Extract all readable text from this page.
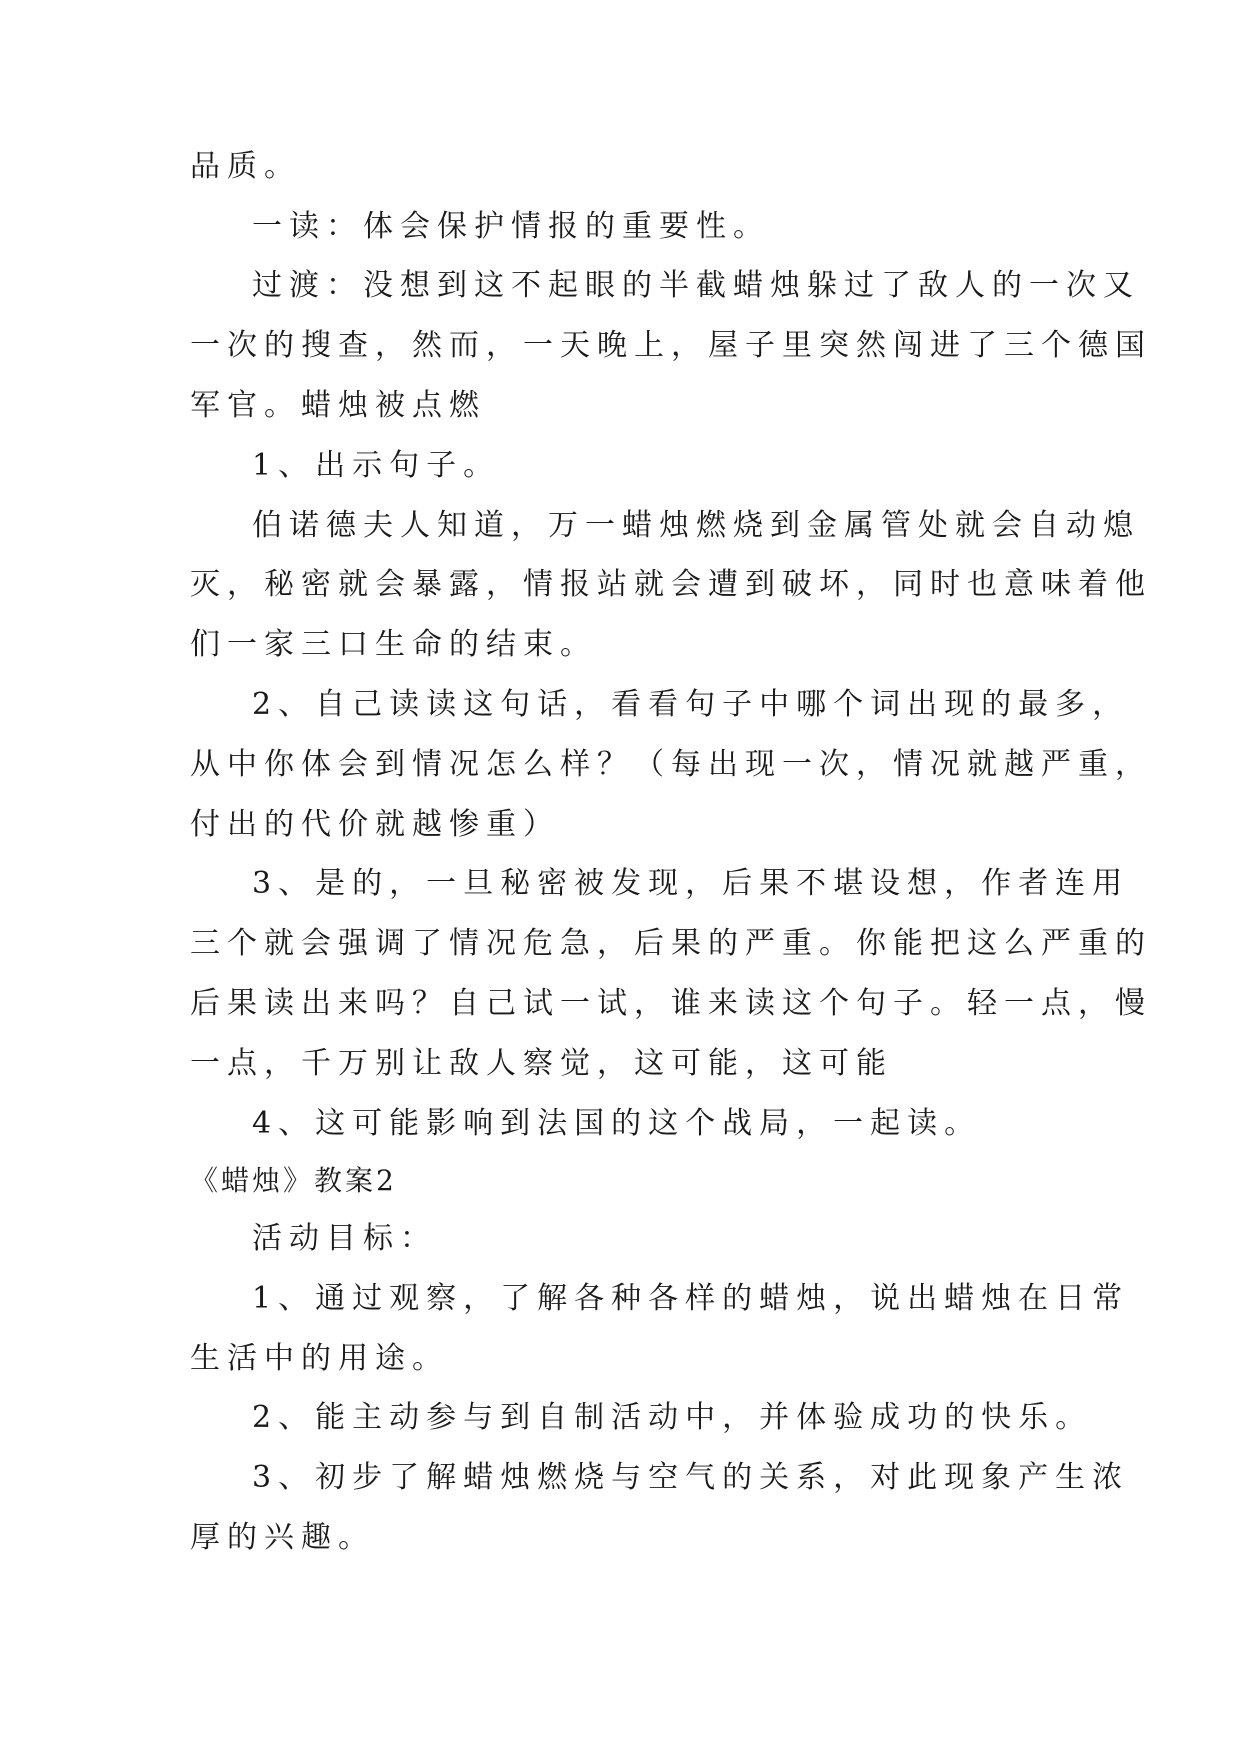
品质。
一读：体会保护情报的重要性。
过渡：没想到这不起眼的半截蜡烛躲过了敌人的一次又
一次的搜查，然而，一天晚上，屋子里突然闯进了三个德国
军官。蜡烛被点燃
1、出示句子。
伯诺德夫人知道，万一蜡烛燃烧到金属管处就会自动熄
灭，秘密就会暴露，情报站就会遭到破坏，同时也意味着他
们一家三口生命的结束。
2、自己读读这句话，看看句子中哪个词出现的最多，
从中你体会到情况怎么样？（每出现一次，情况就越严重，
付出的代价就越惨重）
3、是的，一旦秘密被发现，后果不堪设想，作者连用
三个就会强调了情况危急，后果的严重。你能把这么严重的
后果读出来吗？自己试一试，谁来读这个句子。轻一点，慢
一点，千万别让敌人察觉，这可能，这可能
4、这可能影响到法国的这个战局，一起读。
《蜡烛》教案2
活动目标：
1、通过观察，了解各种各样的蜡烛，说出蜡烛在日常
生活中的用途。
2、能主动参与到自制活动中，并体验成功的快乐。
3、初步了解蜡烛燃烧与空气的关系，对此现象产生浓
厚的兴趣。
